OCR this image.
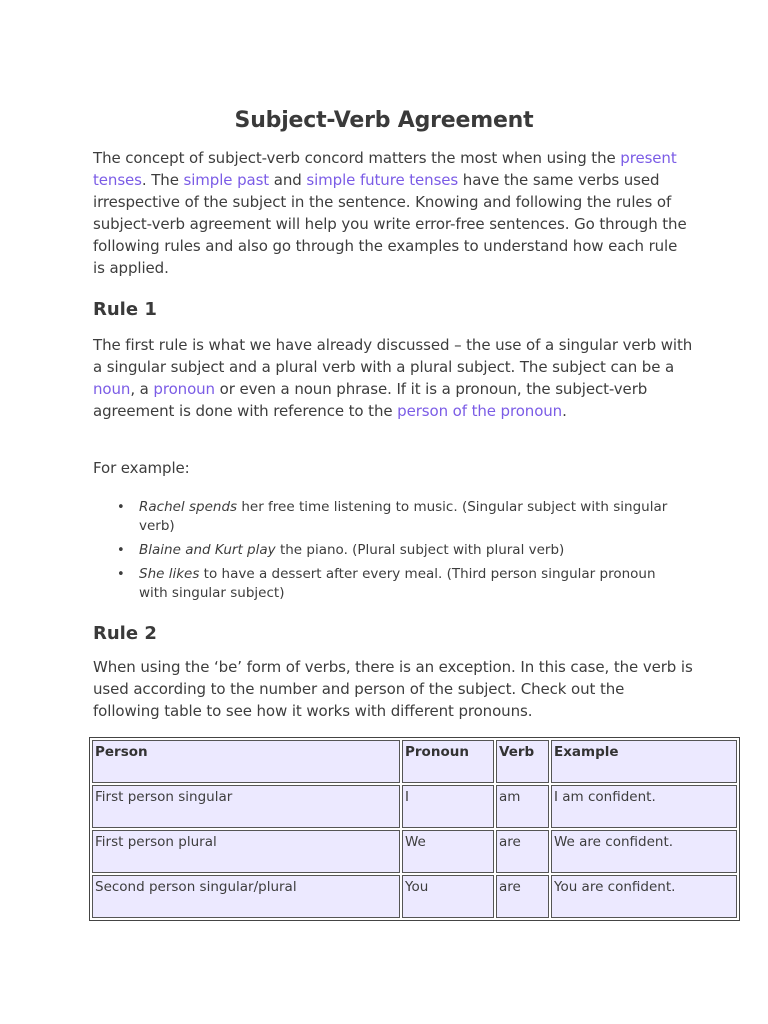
Subject-Verb Agreement

The concept of subject-verb concord matters the most when using the present tenses. The simple past and simple future tenses have the same verbs used irrespective of the subject in the sentence. Knowing and following the rules of subject-verb agreement will help you write error-free sentences. Go through the following rules and also go through the examples to understand how each rule is applied.

Rule 1

The first rule is what we have already discussed – the use of a singular verb with a singular subject and a plural verb with a plural subject. The subject can be a noun, a pronoun or even a noun phrase. If it is a pronoun, the subject-verb agreement is done with reference to the person of the pronoun.

For example:

• Rachel spends her free time listening to music. (Singular subject with singular verb)
• Blaine and Kurt play the piano. (Plural subject with plural verb)
• She likes to have a dessert after every meal. (Third person singular pronoun with singular subject)
Rule 2

When using the ‘be’ form of verbs, there is an exception. In this case, the verb is used according to the number and person of the subject. Check out the following table to see how it works with different pronouns.

Person	Pronoun	Verb	Example
First person singular	I	am	I am confident.
First person plural	We	are	We are confident.
Second person singular/plural	You	are	You are confident.
